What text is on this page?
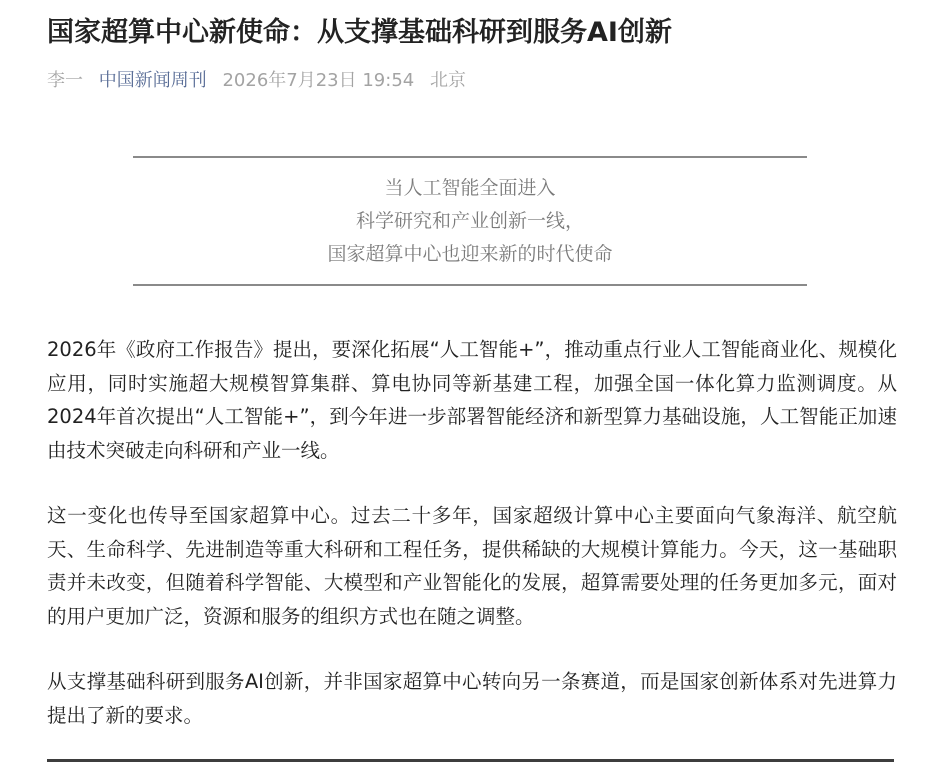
国家超算中心新使命：从支撑基础科研到服务AI创新
李一 中国新闻周刊 2026年7月23日 19:54 北京
当人工智能全面进入
科学研究和产业创新一线，
国家超算中心也迎来新的时代使命

2026年《政府工作报告》提出，要深化拓展“人工智能+”，推动重点行业人工智能商业化、规模化应用，同时实施超大规模智算集群、算电协同等新基建工程，加强全国一体化算力监测调度。从2024年首次提出“人工智能+”，到今年进一步部署智能经济和新型算力基础设施，人工智能正加速由技术突破走向科研和产业一线。

这一变化也传导至国家超算中心。过去二十多年，国家超级计算中心主要面向气象海洋、航空航天、生命科学、先进制造等重大科研和工程任务，提供稀缺的大规模计算能力。今天，这一基础职责并未改变，但随着科学智能、大模型和产业智能化的发展，超算需要处理的任务更加多元，面对的用户更加广泛，资源和服务的组织方式也在随之调整。

从支撑基础科研到服务AI创新，并非国家超算中心转向另一条赛道，而是国家创新体系对先进算力提出了新的要求。
